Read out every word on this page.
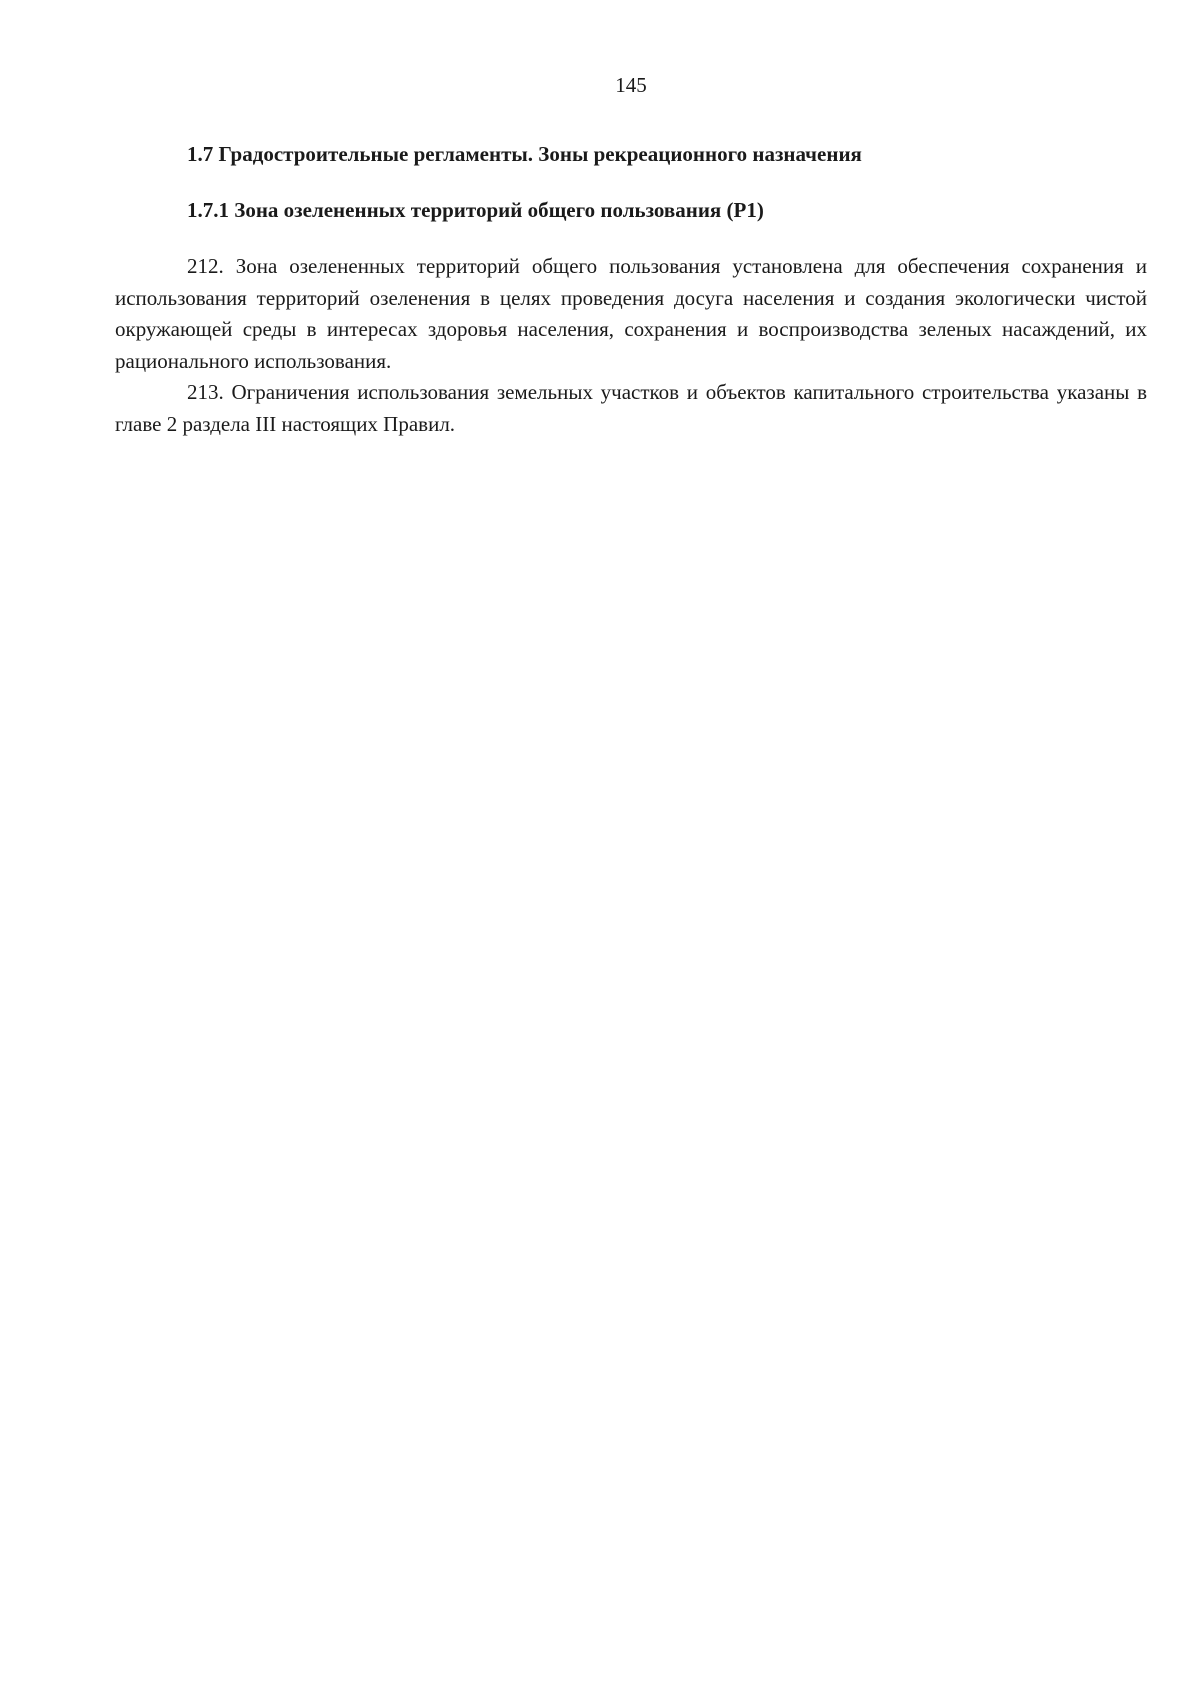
145
1.7 Градостроительные регламенты. Зоны рекреационного назначения
1.7.1 Зона озелененных территорий общего пользования (Р1)

212. Зона озелененных территорий общего пользования установлена для обеспечения сохранения и использования территорий озеленения в целях проведения досуга населения и создания экологически чистой окружающей среды в интересах здоровья населения, сохранения и воспроизводства зеленых насаждений, их рационального использования.

213. Ограничения использования земельных участков и объектов капитального строительства указаны в главе 2 раздела III настоящих Правил.
